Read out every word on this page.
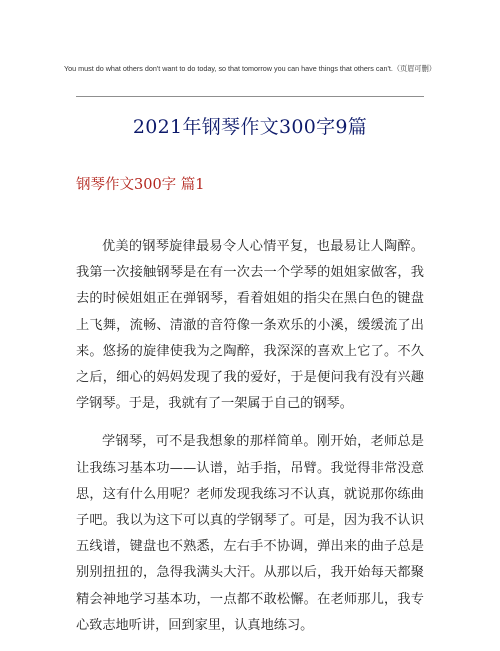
You must do what others don't want to do today, so that tomorrow you can have things that others can't.（页眉可删）
2021年钢琴作文300字9篇
钢琴作文300字 篇1

优美的钢琴旋律最易令人心情平复，也最易让人陶醉。我第一次接触钢琴是在有一次去一个学琴的姐姐家做客，我去的时候姐姐正在弹钢琴，看着姐姐的指尖在黑白色的键盘上飞舞，流畅、清澈的音符像一条欢乐的小溪，缓缓流了出来。悠扬的旋律使我为之陶醉，我深深的喜欢上它了。不久之后，细心的妈妈发现了我的爱好，于是便问我有没有兴趣学钢琴。于是，我就有了一架属于自己的钢琴。

学钢琴，可不是我想象的那样简单。刚开始，老师总是让我练习基本功——认谱，站手指，吊臂。我觉得非常没意思，这有什么用呢？老师发现我练习不认真，就说那你练曲子吧。我以为这下可以真的学钢琴了。可是，因为我不认识五线谱，键盘也不熟悉，左右手不协调，弹出来的曲子总是别别扭扭的，急得我满头大汗。从那以后，我开始每天都聚精会神地学习基本功，一点都不敢松懈。在老师那儿，我专心致志地听讲，回到家里，认真地练习。
